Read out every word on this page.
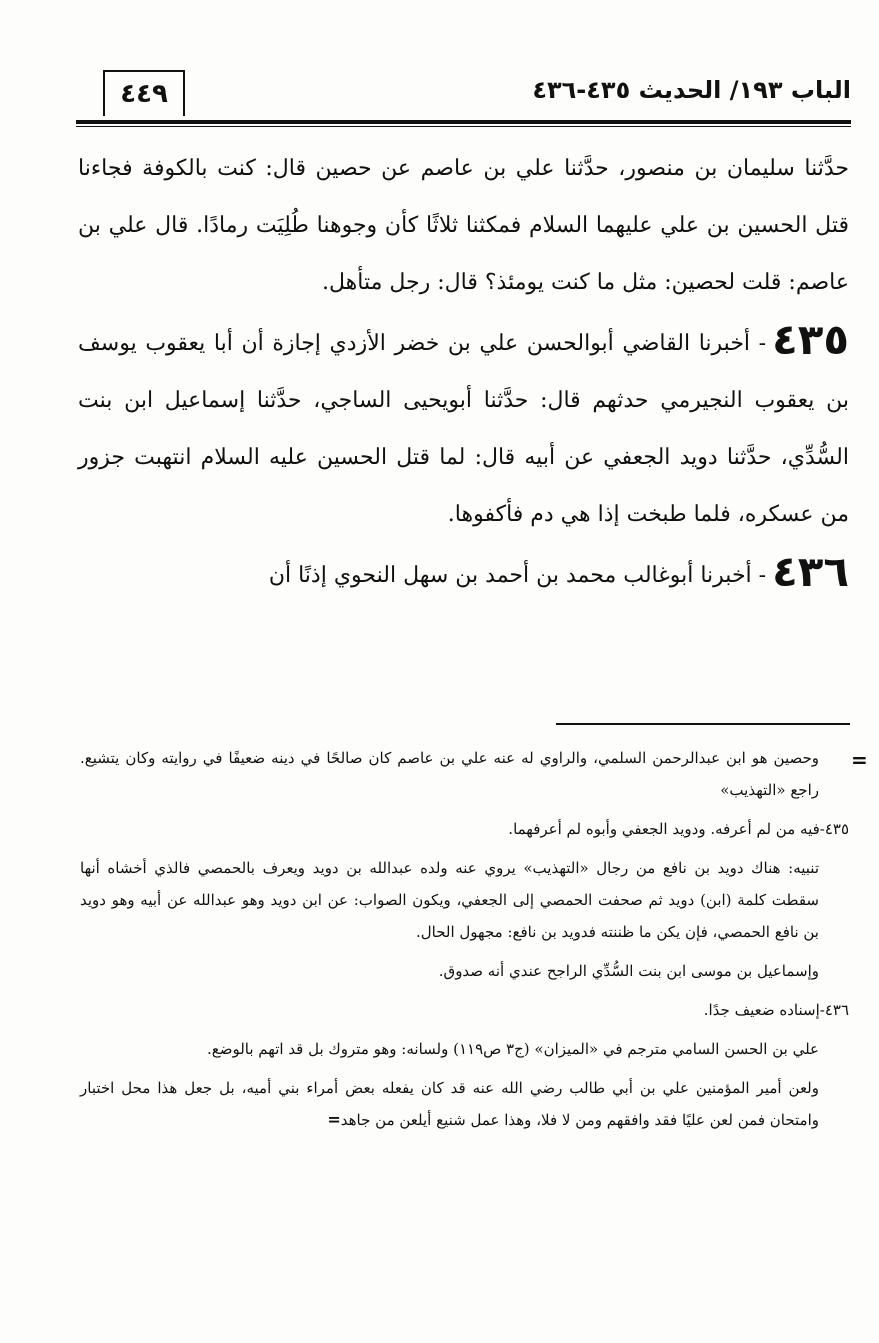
الباب ١٩٣/ الحديث ٤٣٥-٤٣٦
٤٤٩

حدَّثنا سليمان بن منصور، حدَّثنا علي بن عاصم عن حصين قال: كنت بالكوفة فجاءنا قتل الحسين بن علي عليهما السلام فمكثنا ثلاثًا كأن وجوهنا طُلِيَت رمادًا. قال علي بن عاصم: قلت لحصين: مثل ما كنت يومئذ؟ قال: رجل متأهل.

٤٣٥- أخبرنا القاضي أبوالحسن علي بن خضر الأزدي إجازة أن أبا يعقوب يوسف بن يعقوب النجيرمي حدثهم قال: حدَّثنا أبويحيى الساجي، حدَّثنا إسماعيل ابن بنت السُّدِّي، حدَّثنا دويد الجعفي عن أبيه قال: لما قتل الحسين عليه السلام انتهبت جزور من عسكره، فلما طبخت إذا هي دم فأكفوها.

٤٣٦- أخبرنا أبوغالب محمد بن أحمد بن سهل النحوي إذنًا أن

=

وحصين هو ابن عبدالرحمن السلمي، والراوي له عنه علي بن عاصم كان صالحًا في دينه ضعيفًا في روايته وكان يتشيع. راجع «التهذيب»

٤٣٥-فيه من لم أعرفه. ودويد الجعفي وأبوه لم أعرفهما.

تنبيه: هناك دويد بن نافع من رجال «التهذيب» يروي عنه ولده عبدالله بن دويد ويعرف بالحمصي فالذي أخشاه أنها سقطت كلمة (ابن) دويد ثم صحفت الحمصي إلى الجعفي، ويكون الصواب: عن ابن دويد وهو عبدالله عن أبيه وهو دويد بن نافع الحمصي، فإن يكن ما ظننته فدويد بن نافع: مجهول الحال.

وإسماعيل بن موسى ابن بنت السُّدِّي الراجح عندي أنه صدوق.

٤٣٦-إسناده ضعيف جدًا.

علي بن الحسن السامي مترجم في «الميزان» (ج٣ ص١١٩) ولسانه: وهو متروك بل قد اتهم بالوضع.

ولعن أمير المؤمنين علي بن أبي طالب رضي الله عنه قد كان يفعله بعض أمراء بني أميه، بل جعل هذا محل اختبار وامتحان فمن لعن عليًا فقد وافقهم ومن لا فلا، وهذا عمل شنيع أيلعن من جاهد=
